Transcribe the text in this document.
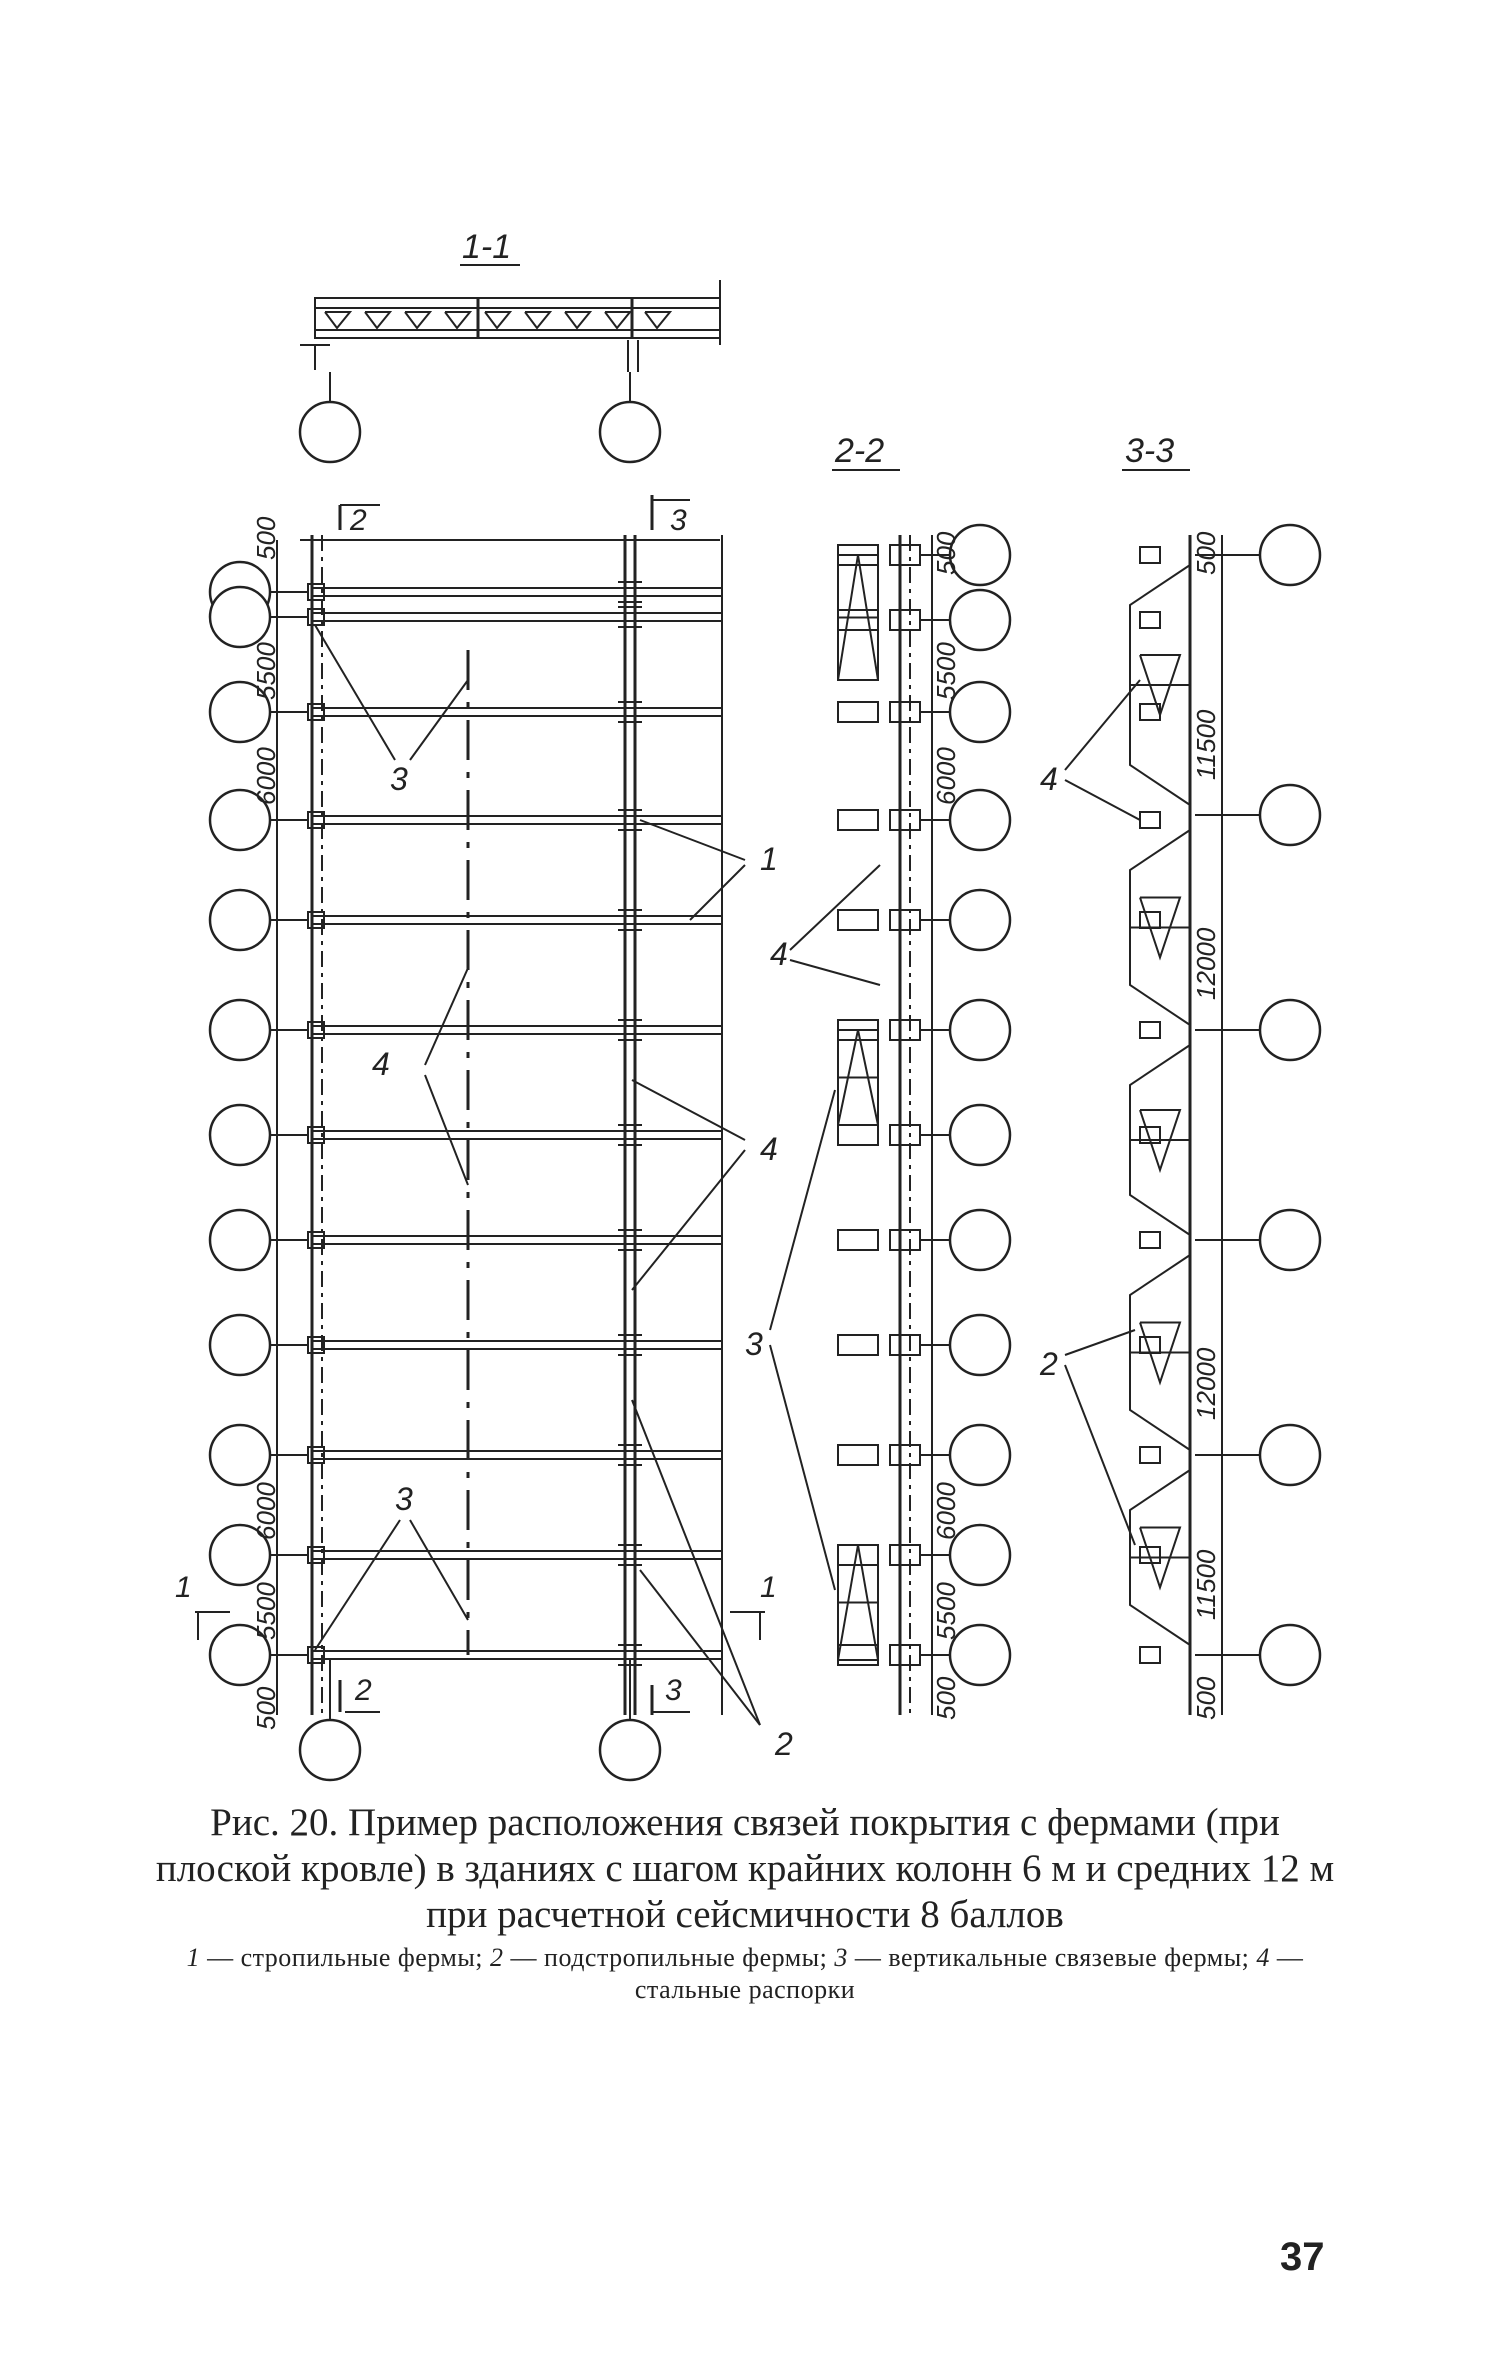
1-1
2	3
2	3
1	1
500
5500
6000
6000
5500
500
3
1
4
4
3
2
2-2
500
5500
6000
6000
5500
500
4
3
3-3
500
11500
12000
12000
11500
500
4
2
Рис. 20. Пример расположения связей покрытия с фермами (при плоской кровле) в зданиях с шагом крайних колонн 6 м и средних 12 м при расчетной сейсмичности 8 баллов
1 — стропильные фермы; 2 — подстропильные фермы; 3 — вертикальные связевые фермы; 4 — стальные распорки
37
